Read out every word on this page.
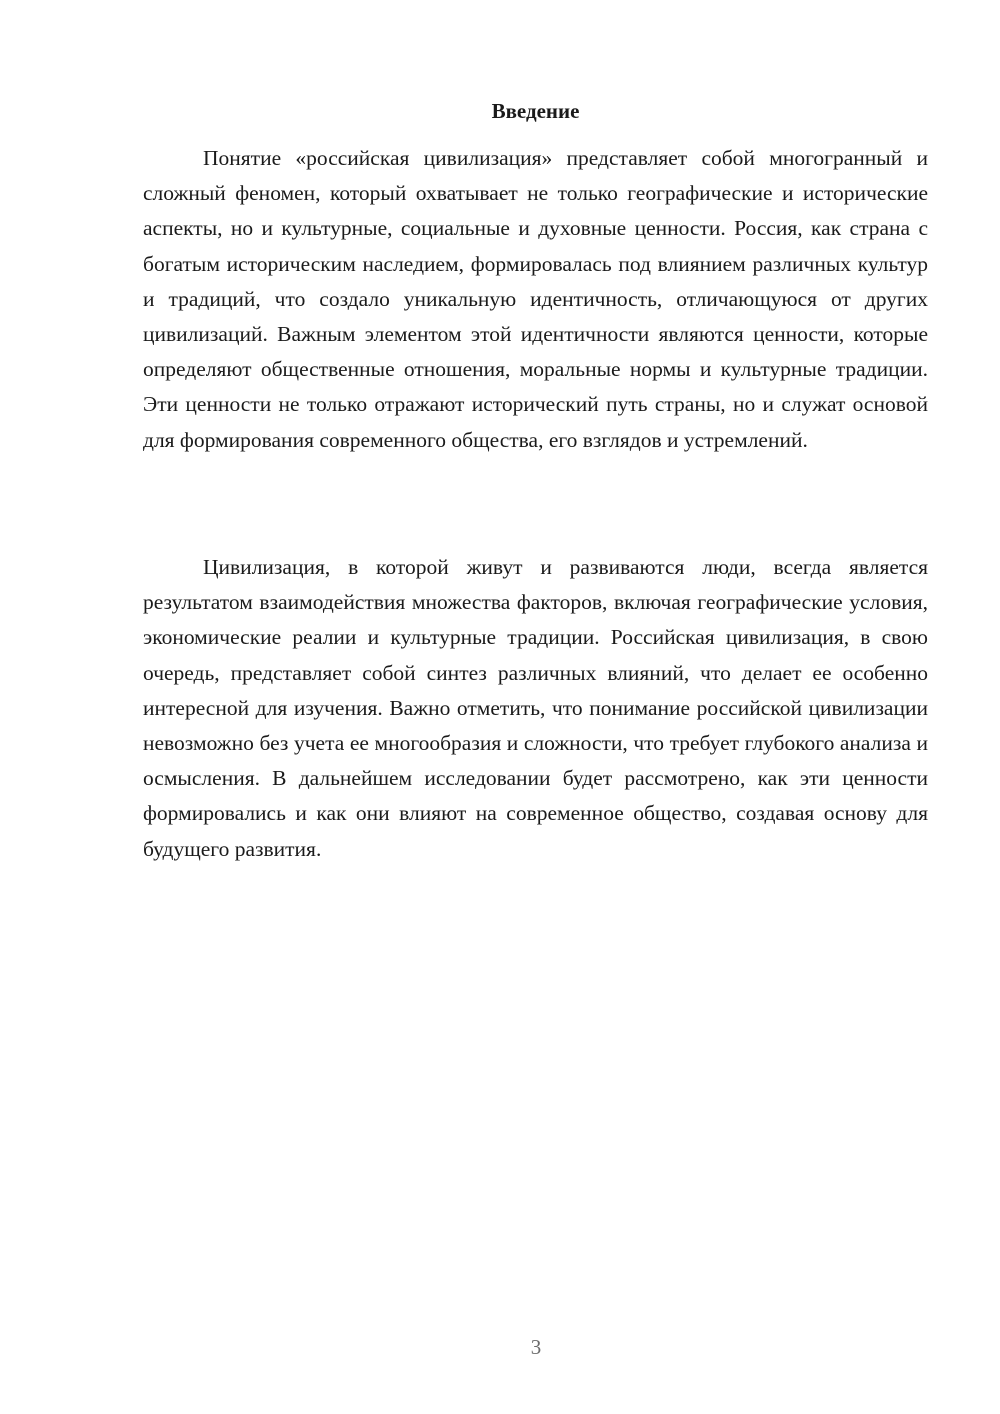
Введение

Понятие «российская цивилизация» представляет собой многогранный и сложный феномен, который охватывает не только географические и исторические аспекты, но и культурные, социальные и духовные ценности. Россия, как страна с богатым историческим наследием, формировалась под влиянием различных культур и традиций, что создало уникальную идентичность, отличающуюся от других цивилизаций. Важным элементом этой идентичности являются ценности, которые определяют общественные отношения, моральные нормы и культурные традиции. Эти ценности не только отражают исторический путь страны, но и служат основой для формирования современного общества, его взглядов и устремлений.

Цивилизация, в которой живут и развиваются люди, всегда является результатом взаимодействия множества факторов, включая географические условия, экономические реалии и культурные традиции. Российская цивилизация, в свою очередь, представляет собой синтез различных влияний, что делает ее особенно интересной для изучения. Важно отметить, что понимание российской цивилизации невозможно без учета ее многообразия и сложности, что требует глубокого анализа и осмысления. В дальнейшем исследовании будет рассмотрено, как эти ценности формировались и как они влияют на современное общество, создавая основу для будущего развития.

3
